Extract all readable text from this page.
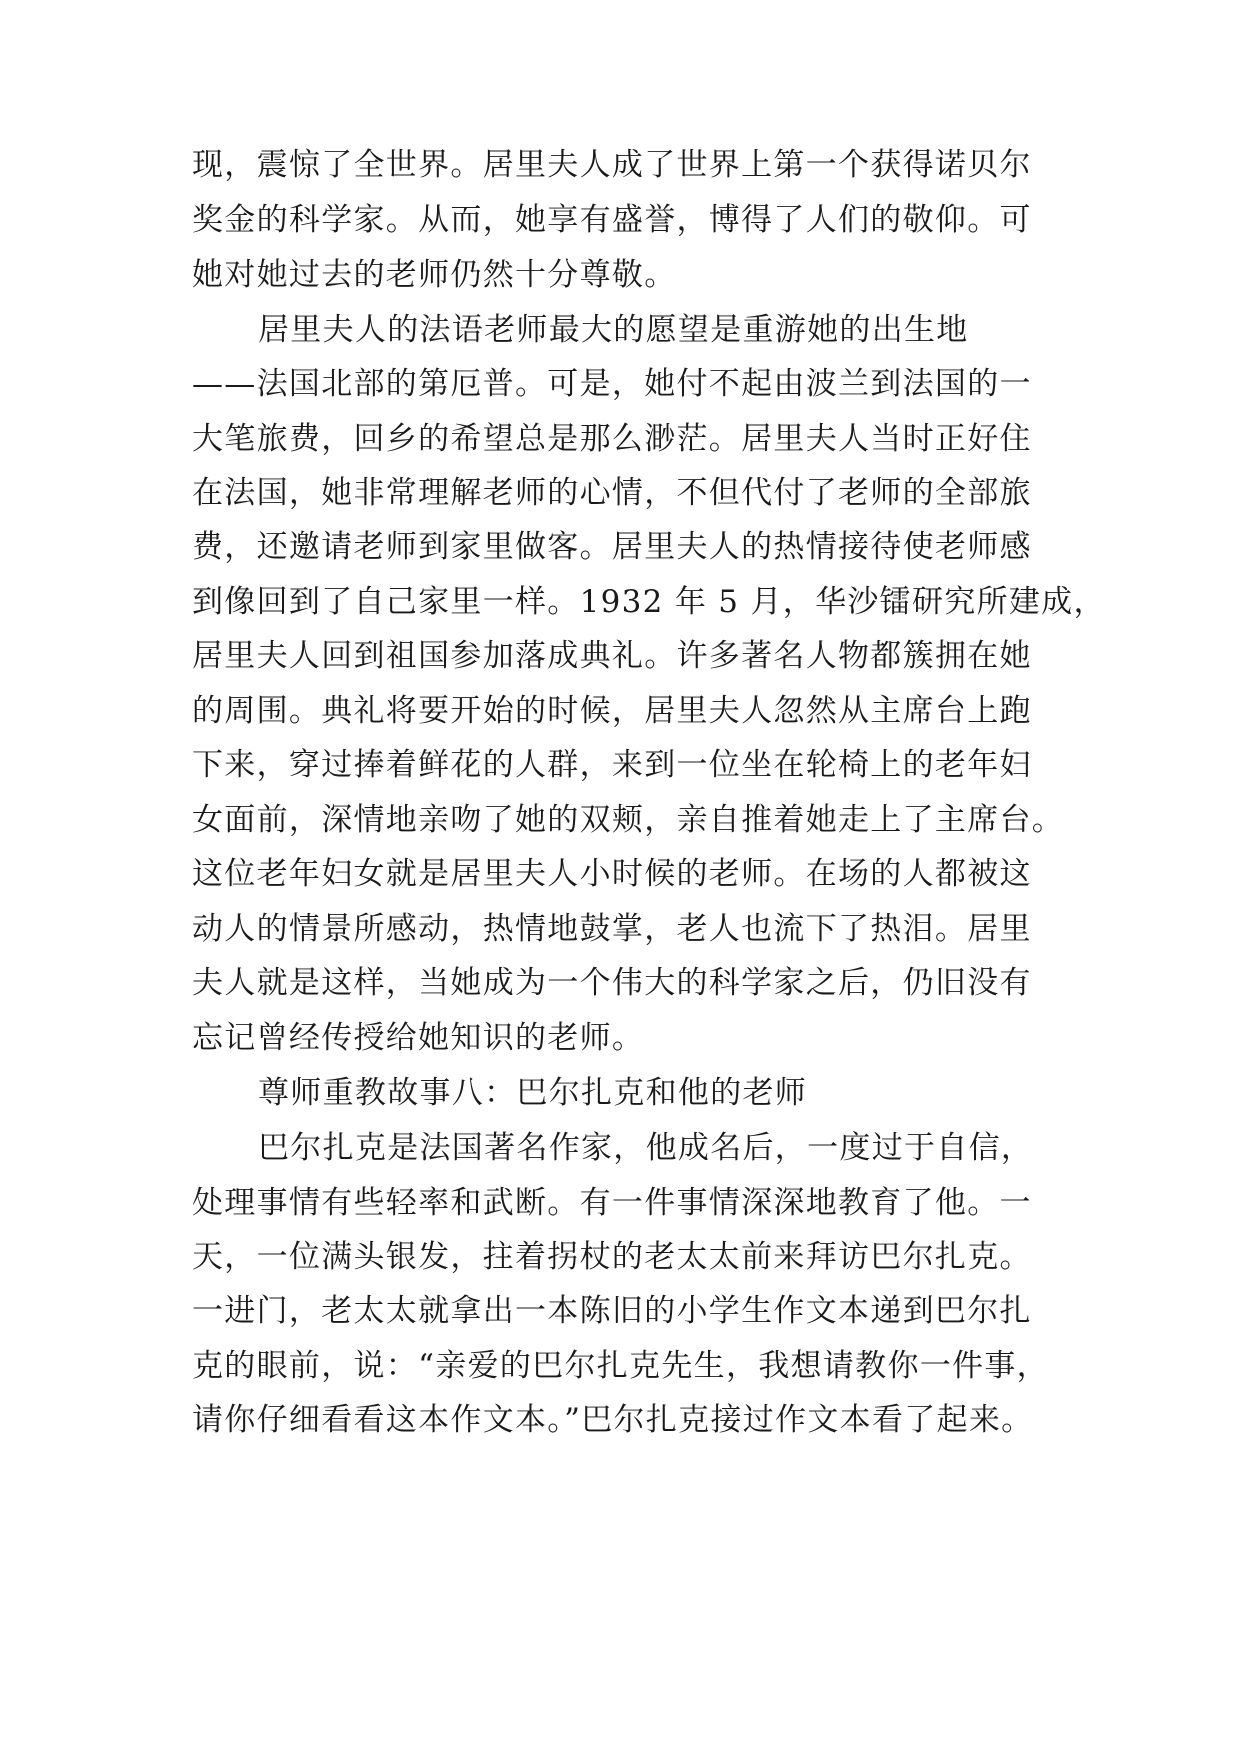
现，震惊了全世界。居里夫人成了世界上第一个获得诺贝尔
奖金的科学家。从而，她享有盛誉，博得了人们的敬仰。可
她对她过去的老师仍然十分尊敬。
居里夫人的法语老师最大的愿望是重游她的出生地
——法国北部的第厄普。可是，她付不起由波兰到法国的一
大笔旅费，回乡的希望总是那么渺茫。居里夫人当时正好住
在法国，她非常理解老师的心情，不但代付了老师的全部旅
费，还邀请老师到家里做客。居里夫人的热情接待使老师感
到像回到了自己家里一样。1932 年 5 月，华沙镭研究所建成，
居里夫人回到祖国参加落成典礼。许多著名人物都簇拥在她
的周围。典礼将要开始的时候，居里夫人忽然从主席台上跑
下来，穿过捧着鲜花的人群，来到一位坐在轮椅上的老年妇
女面前，深情地亲吻了她的双颊，亲自推着她走上了主席台。
这位老年妇女就是居里夫人小时候的老师。在场的人都被这
动人的情景所感动，热情地鼓掌，老人也流下了热泪。居里
夫人就是这样，当她成为一个伟大的科学家之后，仍旧没有
忘记曾经传授给她知识的老师。
尊师重教故事八：巴尔扎克和他的老师
巴尔扎克是法国著名作家，他成名后，一度过于自信，
处理事情有些轻率和武断。有一件事情深深地教育了他。一
天，一位满头银发，拄着拐杖的老太太前来拜访巴尔扎克。
一进门，老太太就拿出一本陈旧的小学生作文本递到巴尔扎
克的眼前，说：“亲爱的巴尔扎克先生，我想请教你一件事，
请你仔细看看这本作文本。”巴尔扎克接过作文本看了起来。
